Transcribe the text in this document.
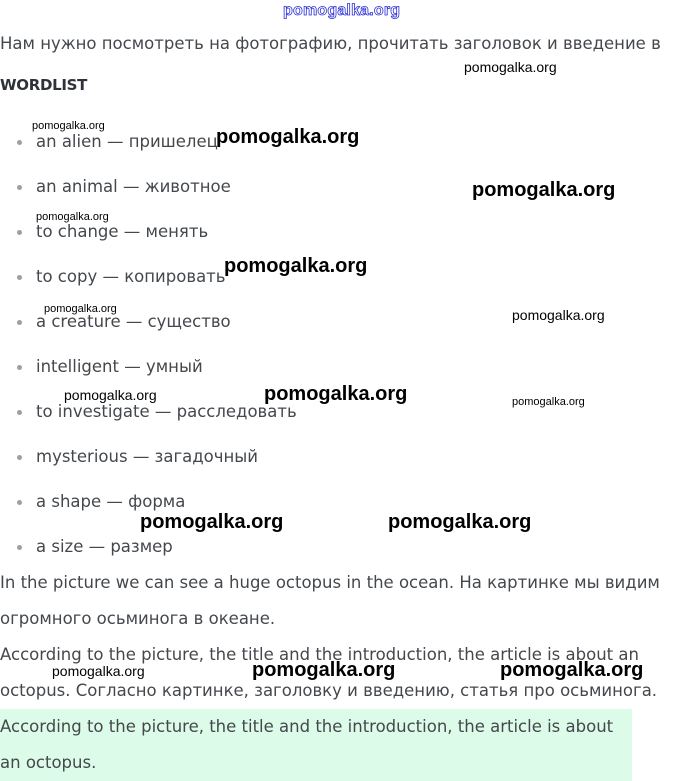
pomogalka.org
Нам нужно посмотреть на фотографию, прочитать заголовок и введение в
WORDLIST
an alien — пришелец
an animal — животное
to change — менять
to copy — копировать
a creature — существо
intelligent — умный
to investigate — расследовать
mysterious — загадочный
a shape — форма
a size — размер
In the picture we can see a huge octopus in the ocean. На картинке мы видим огромного осьминога в океане.
According to the picture, the title and the introduction, the article is about an octopus. Согласно картинке, заголовку и введению, статья про осьминога.
According to the picture, the title and the introduction, the article is about an octopus.
pomogalka.org
pomogalka.org	pomogalka.org
pomogalka.org
pomogalka.org
pomogalka.org
pomogalka.org	pomogalka.org
pomogalka.org	pomogalka.org	pomogalka.org
pomogalka.org	pomogalka.org
pomogalka.org	pomogalka.org	pomogalka.org
